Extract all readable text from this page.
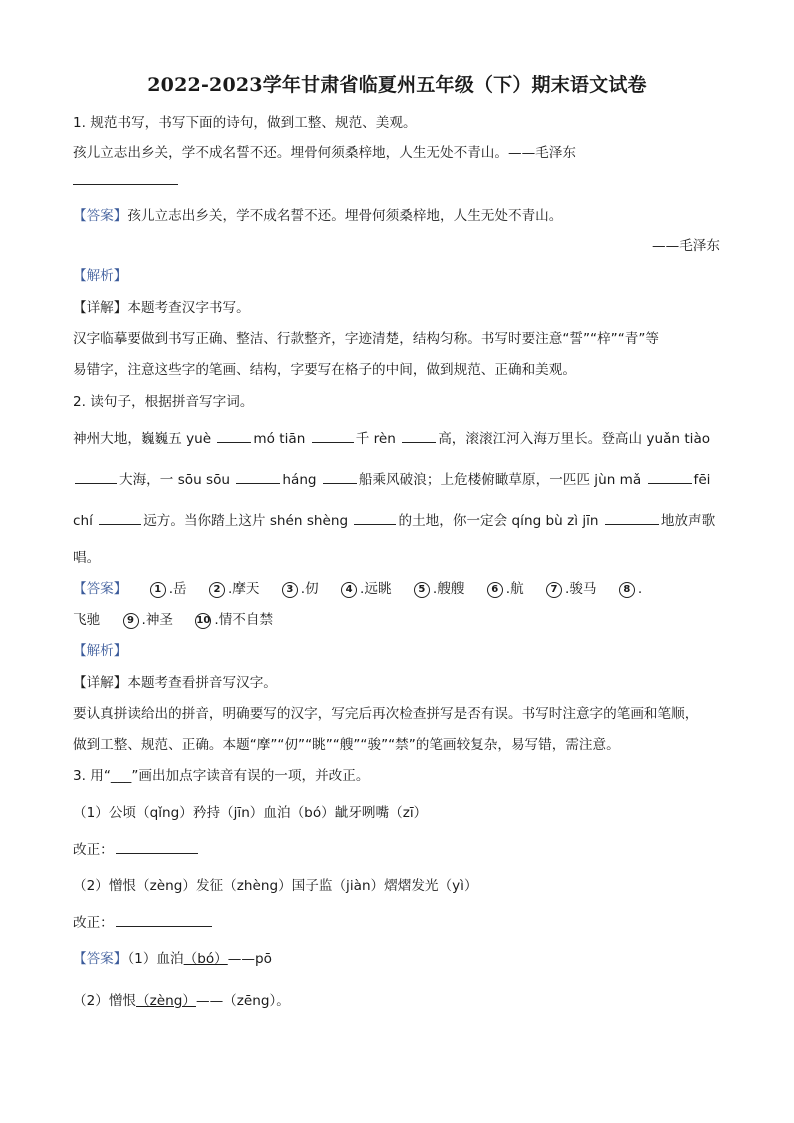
2022-2023学年甘肃省临夏州五年级（下）期末语文试卷
1. 规范书写，书写下面的诗句，做到工整、规范、美观。
孩儿立志出乡关，学不成名誓不还。埋骨何须桑梓地，人生无处不青山。——毛泽东
【答案】孩儿立志出乡关，学不成名誓不还。埋骨何须桑梓地，人生无处不青山。
——毛泽东
【解析】
【详解】本题考查汉字书写。
汉字临摹要做到书写正确、整洁、行款整齐，字迹清楚，结构匀称。书写时要注意“誓”“梓”“青”等
易错字，注意这些字的笔画、结构，字要写在格子的中间，做到规范、正确和美观。
2. 读句子，根据拼音写字词。
神州大地，巍巍五 yuè	mó tiān	千 rèn	高，滚滚江河入海万里长。登高山 yuǎn tiào
大海，一 sōu sōu	háng	船乘风破浪；上危楼俯瞰草原，一匹匹 jùn mǎ	fēi
chí	远方。当你踏上这片 shén shèng	的土地，你一定会 qíng bù zì jīn	地放声歌
唱。
【答案】	1 .岳	2 .摩天	3 .仞	4 .远眺	5 .艘艘	6 .航	7 .骏马	8 .
飞驰	9 .神圣 10 .情不自禁
【解析】
【详解】本题考查看拼音写汉字。
要认真拼读给出的拼音，明确要写的汉字，写完后再次检查拼写是否有误。书写时注意字的笔画和笔顺，
做到工整、规范、正确。本题“摩”“仞”“眺”“艘”“骏”“禁”的笔画较复杂，易写错，需注意。
3. 用“___”画出加点字读音有误的一项，并改正。
（1）公顷（qǐng）矜持（jīn）血泊（bó）龇牙咧嘴（zī）
改正：
（2）憎恨（zèng）发征（zhèng）国子监（jiàn）熠熠发光（yì）
改正：
【答案】（1）血泊（bó）——pō
（2）憎恨（zèng）——（zēng）。
